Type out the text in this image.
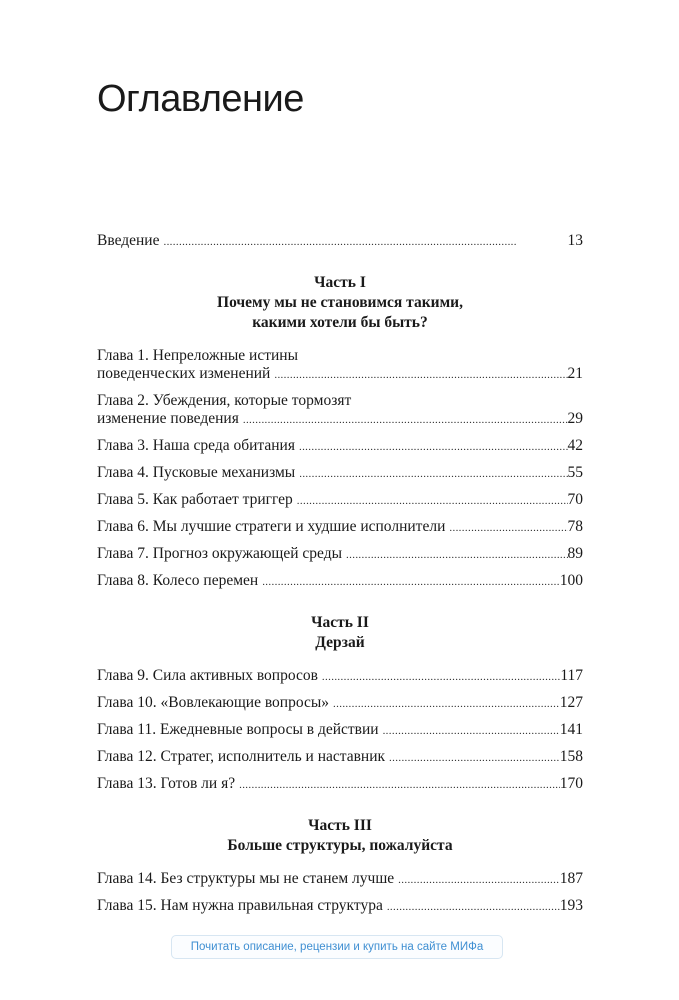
Оглавление
Введение . . .	13
Часть I
Почему мы не становимся такими,
какими хотели бы быть?
Глава 1. Непреложные истины
поведенческих изменений . . .	21
Глава 2. Убеждения, которые тормозят
изменение поведения . . .	29
Глава 3. Наша среда обитания . . .	42
Глава 4. Пусковые механизмы . . .	55
Глава 5. Как работает триггер . . .	70
Глава 6. Мы лучшие стратеги и худшие исполнители . . .	78
Глава 7. Прогноз окружающей среды . . .	89
Глава 8. Колесо перемен . . .	100
Часть II
Дерзай
Глава 9. Сила активных вопросов . . .	117
Глава 10. «Вовлекающие вопросы» . . .	127
Глава 11. Ежедневные вопросы в действии . . .	141
Глава 12. Стратег, исполнитель и наставник . . .	158
Глава 13. Готов ли я? . . .	170
Часть III
Больше структуры, пожалуйста
Глава 14. Без структуры мы не станем лучше . . .	187
Глава 15. Нам нужна правильная структура . . .	193
Почитать описание, рецензии и купить на сайте МИФа
